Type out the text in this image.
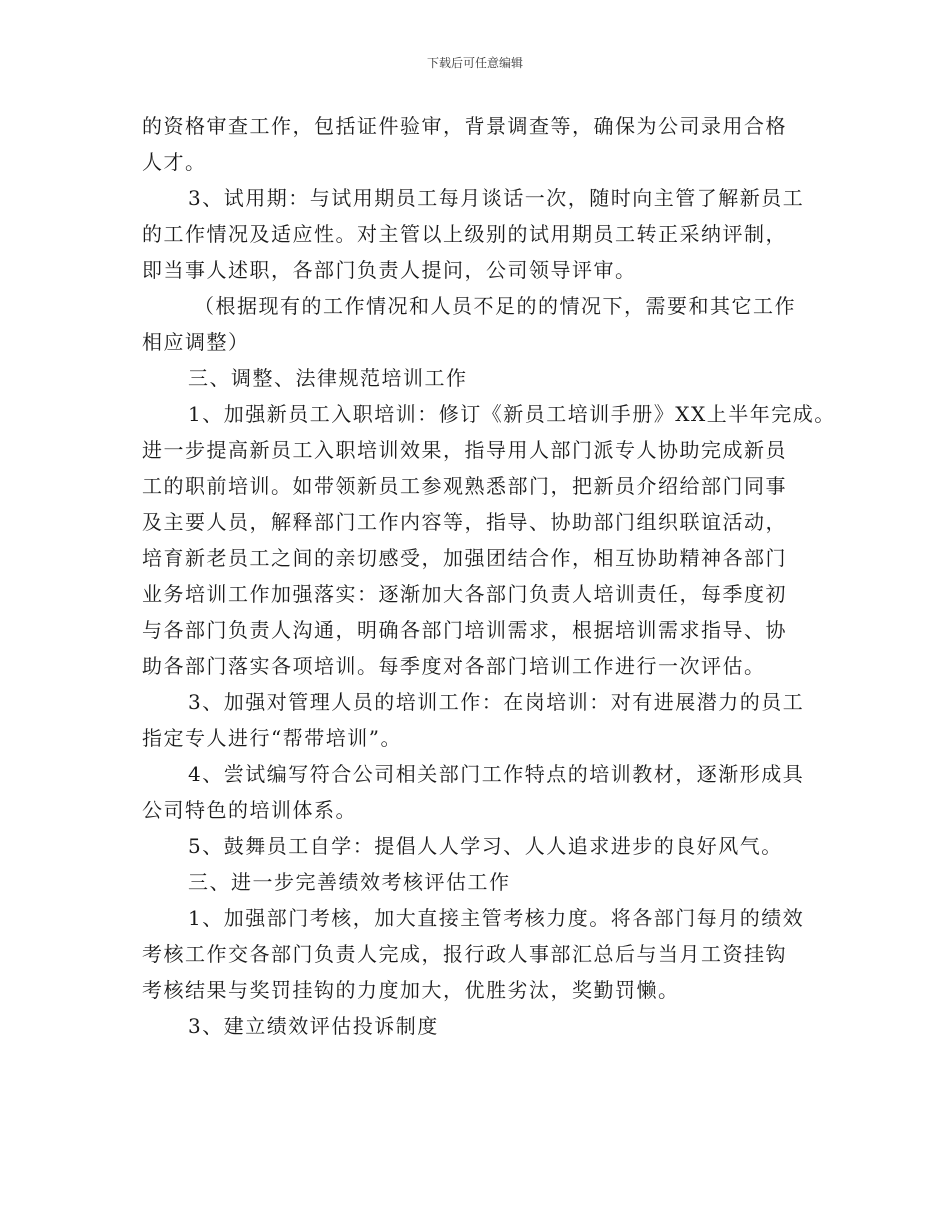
下载后可任意编辑
的资格审查工作，包括证件验审，背景调查等，确保为公司录用合格
人才。
3、试用期：与试用期员工每月谈话一次，随时向主管了解新员工
的工作情况及适应性。对主管以上级别的试用期员工转正采纳评制，
即当事人述职，各部门负责人提问，公司领导评审。
（根据现有的工作情况和人员不足的的情况下，需要和其它工作
相应调整）
三、调整、法律规范培训工作
1、加强新员工入职培训：修订《新员工培训手册》XX上半年完成。
进一步提高新员工入职培训效果，指导用人部门派专人协助完成新员
工的职前培训。如带领新员工参观熟悉部门，把新员介绍给部门同事
及主要人员，解释部门工作内容等，指导、协助部门组织联谊活动，
培育新老员工之间的亲切感受，加强团结合作，相互协助精神各部门
业务培训工作加强落实：逐渐加大各部门负责人培训责任，每季度初
与各部门负责人沟通，明确各部门培训需求，根据培训需求指导、协
助各部门落实各项培训。每季度对各部门培训工作进行一次评估。
3、加强对管理人员的培训工作：在岗培训：对有进展潜力的员工
指定专人进行“帮带培训”。
4、尝试编写符合公司相关部门工作特点的培训教材，逐渐形成具
公司特色的培训体系。
5、鼓舞员工自学：提倡人人学习、人人追求进步的良好风气。
三、进一步完善绩效考核评估工作
1、加强部门考核，加大直接主管考核力度。将各部门每月的绩效
考核工作交各部门负责人完成，报行政人事部汇总后与当月工资挂钩
考核结果与奖罚挂钩的力度加大，优胜劣汰，奖勤罚懒。
3、建立绩效评估投诉制度
